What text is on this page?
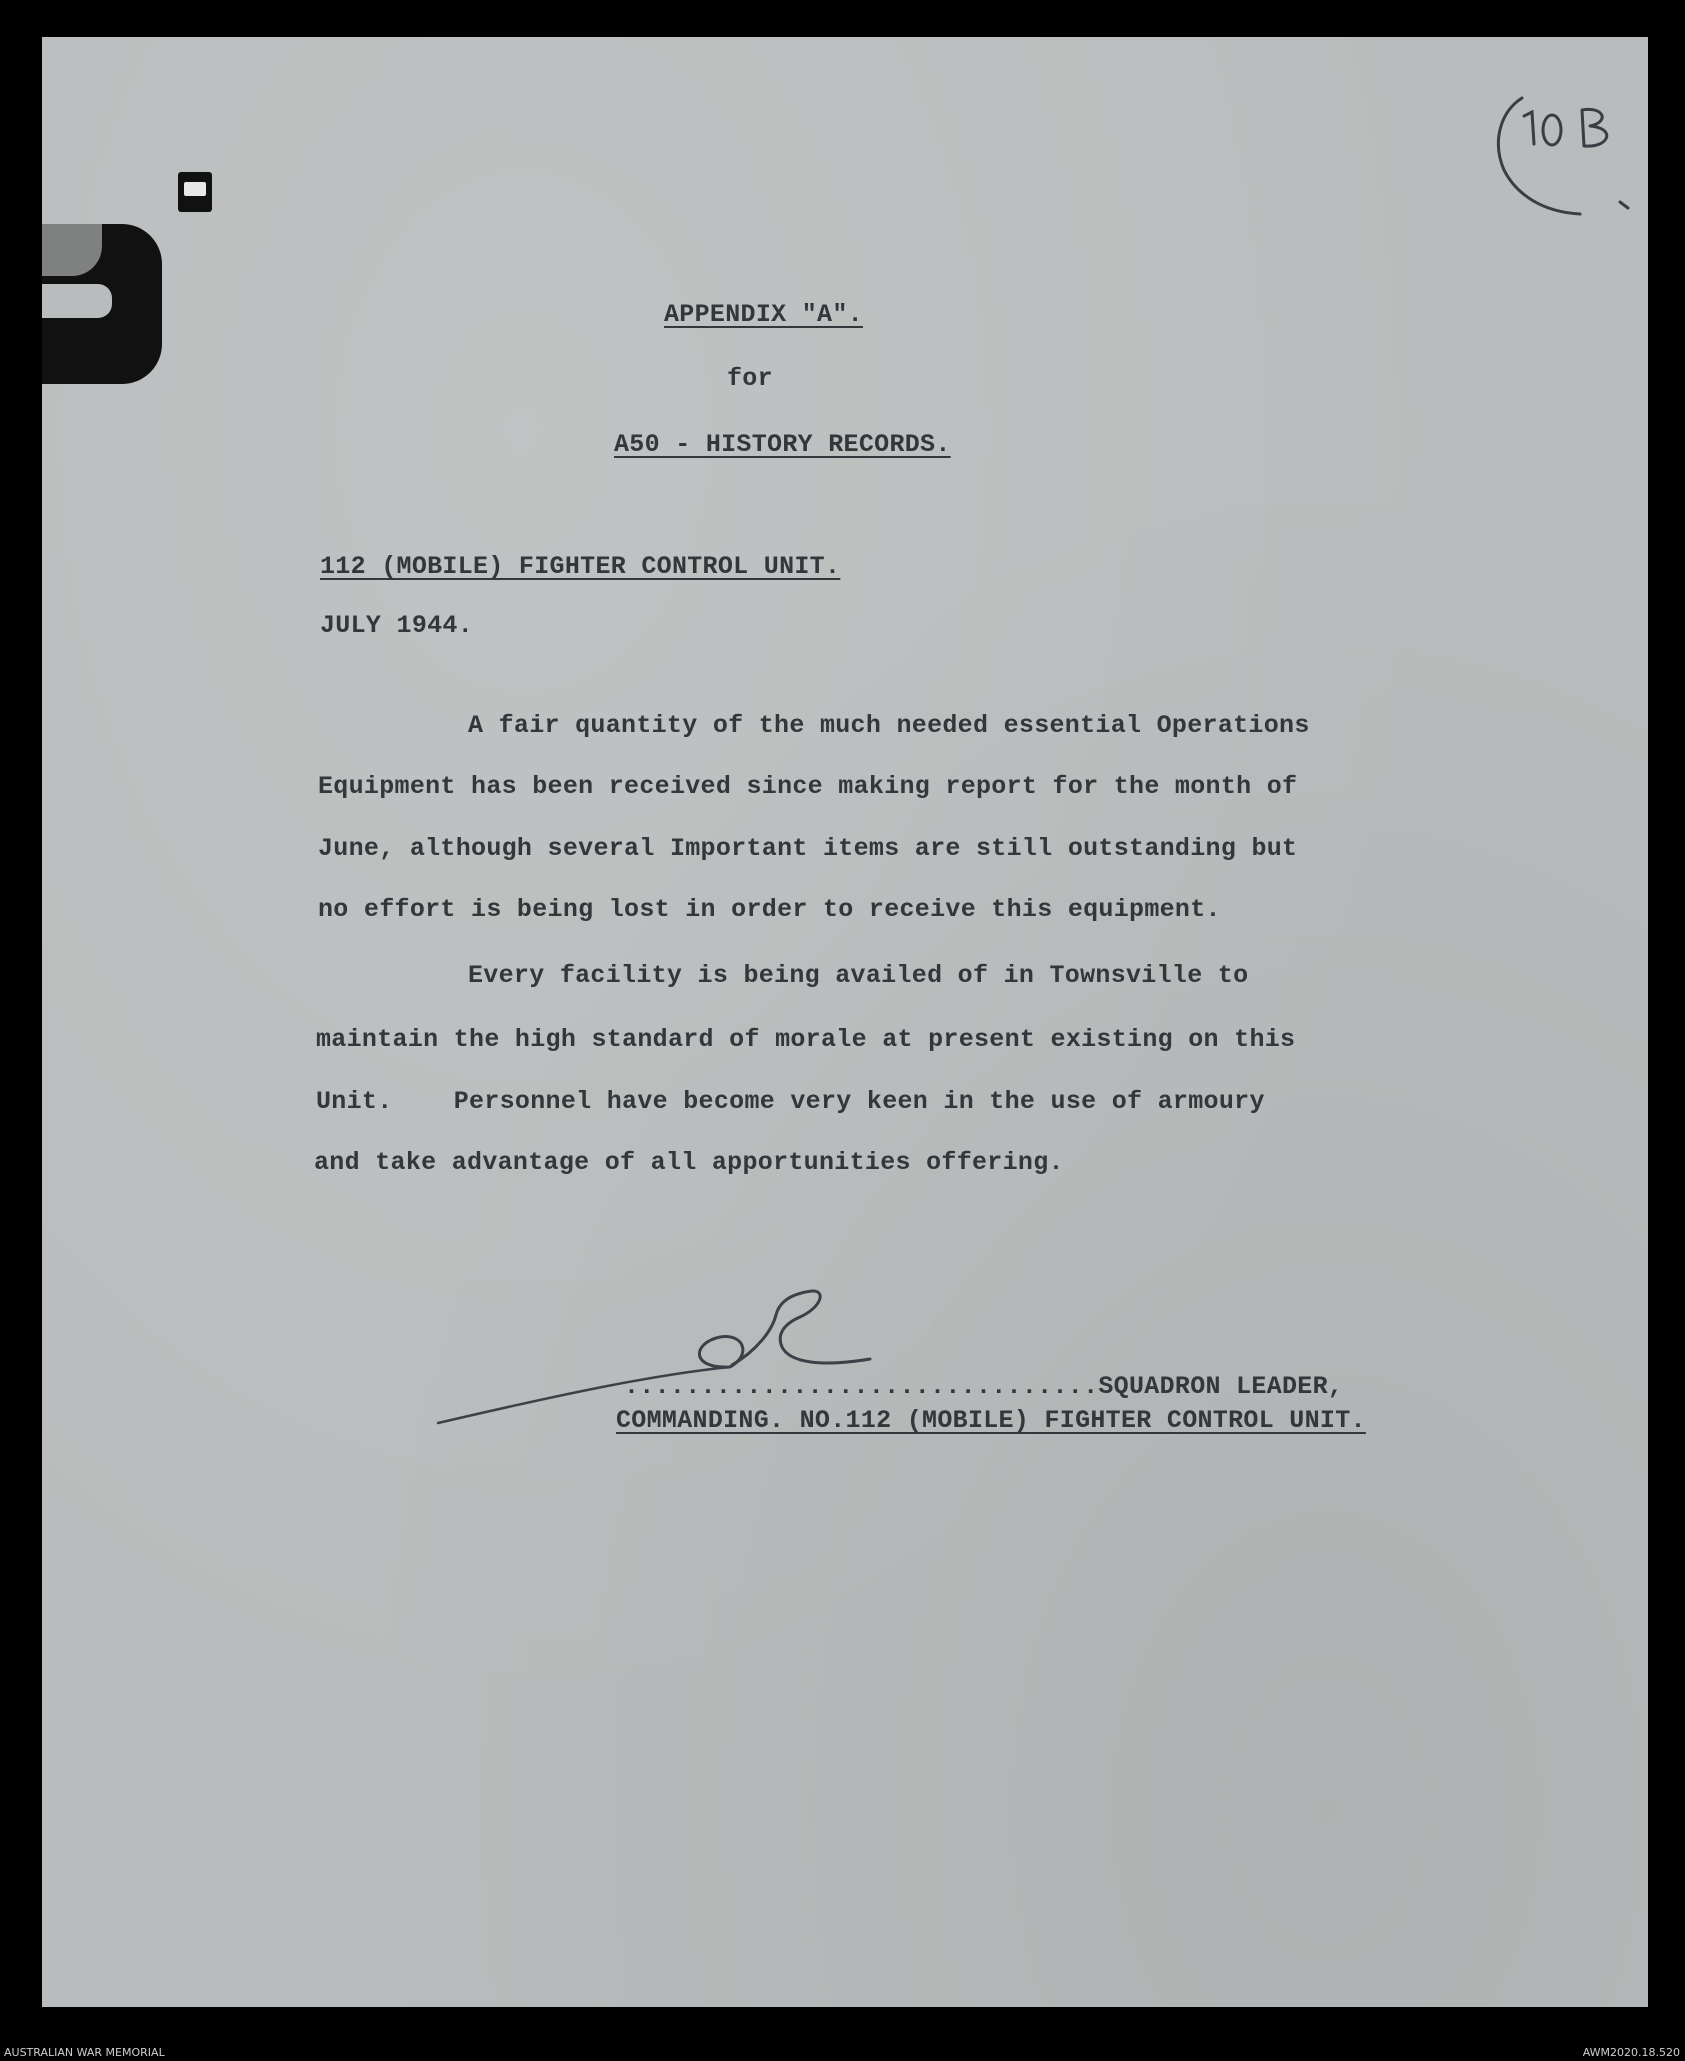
APPENDIX "A".

for

A50 - HISTORY RECORDS.

112 (MOBILE) FIGHTER CONTROL UNIT.

JULY 1944.

A fair quantity of the much needed essential Operations

Equipment has been received since making report for the month of

June, although several Important items are still outstanding but

no effort is being lost in order to receive this equipment.

Every facility is being availed of in Townsville to

maintain the high standard of morale at present existing on this

Unit.    Personnel have become very keen in the use of armoury

and take advantage of all apportunities offering.

...............................SQUADRON LEADER,

COMMANDING. NO.112 (MOBILE) FIGHTER CONTROL UNIT.

AUSTRALIAN WAR MEMORIAL	AWM2020.18.520
